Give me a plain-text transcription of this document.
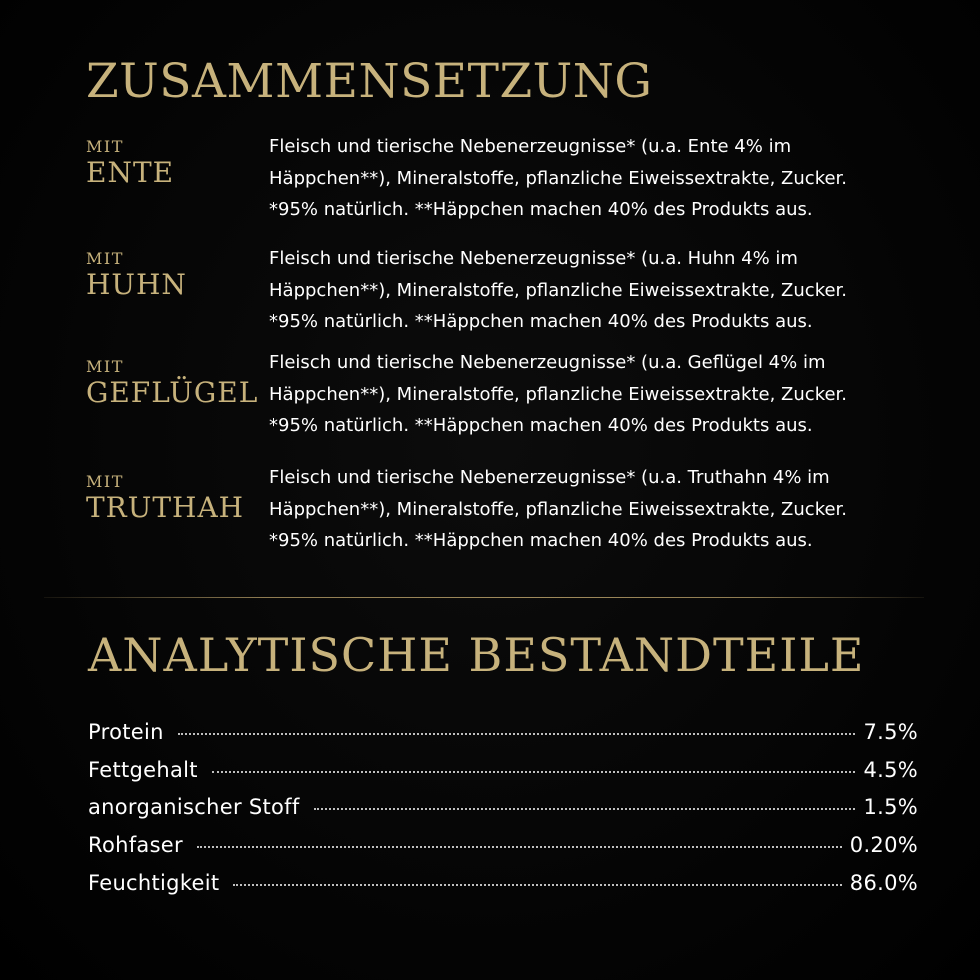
ZUSAMMENSETZUNG
MIT
ENTE
Fleisch und tierische Nebenerzeugnisse* (u.a. Ente 4% im
Häppchen**), Mineralstoffe, pflanzliche Eiweissextrakte, Zucker.
*95% natürlich. **Häppchen machen 40% des Produkts aus.
MIT
HUHN
Fleisch und tierische Nebenerzeugnisse* (u.a. Huhn 4% im
Häppchen**), Mineralstoffe, pflanzliche Eiweissextrakte, Zucker.
*95% natürlich. **Häppchen machen 40% des Produkts aus.
MIT
GEFLÜGEL
Fleisch und tierische Nebenerzeugnisse* (u.a. Geflügel 4% im
Häppchen**), Mineralstoffe, pflanzliche Eiweissextrakte, Zucker.
*95% natürlich. **Häppchen machen 40% des Produkts aus.
MIT
TRUTHAH
Fleisch und tierische Nebenerzeugnisse* (u.a. Truthahn 4% im
Häppchen**), Mineralstoffe, pflanzliche Eiweissextrakte, Zucker.
*95% natürlich. **Häppchen machen 40% des Produkts aus.
ANALYTISCHE BESTANDTEILE
Protein	7.5%
Fettgehalt	4.5%
anorganischer Stoff	1.5%
Rohfaser	0.20%
Feuchtigkeit	86.0%
